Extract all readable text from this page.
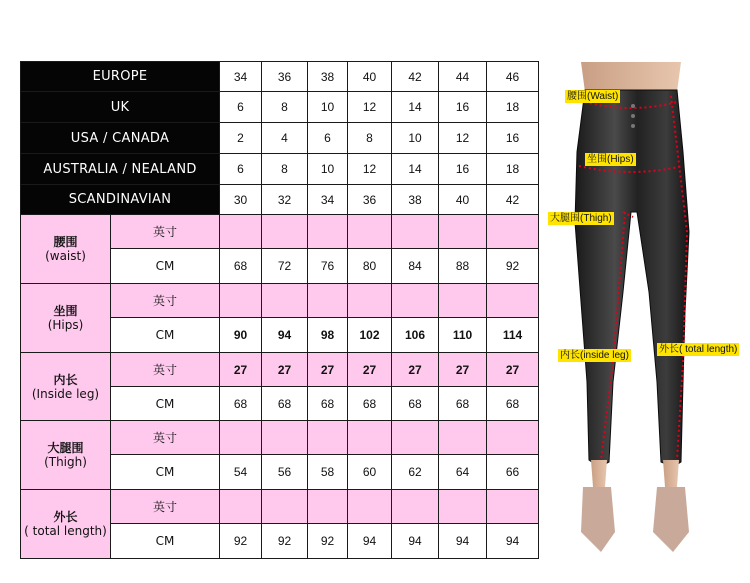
EUROPE		34	36	38	40	42	44	46
UK		6	8	10	12	14	16	18
USA / CANADA		2	4	6	8	10	12	16
AUSTRALIA / NEALAND		6	8	10	12	14	16	18
SCANDINAVIAN		30	32	34	36	38	40	42

腰围
(waist)	英寸							
	CM	68	72	76	80	84	88	92

坐围
(Hips)	英寸							
	CM	90	94	98	102	106	110	114

内长
(Inside leg)	英寸	27	27	27	27	27	27	27
	CM	68	68	68	68	68	68	68

大腿围
(Thigh)	英寸							
	CM	54	56	58	60	62	64	66

外长
( total length)	英寸							
	CM	92	92	92	94	94	94	94
腰围(Waist)
坐围(Hips)
大腿围(Thigh)
内长(inside leg)
外长( total length)
